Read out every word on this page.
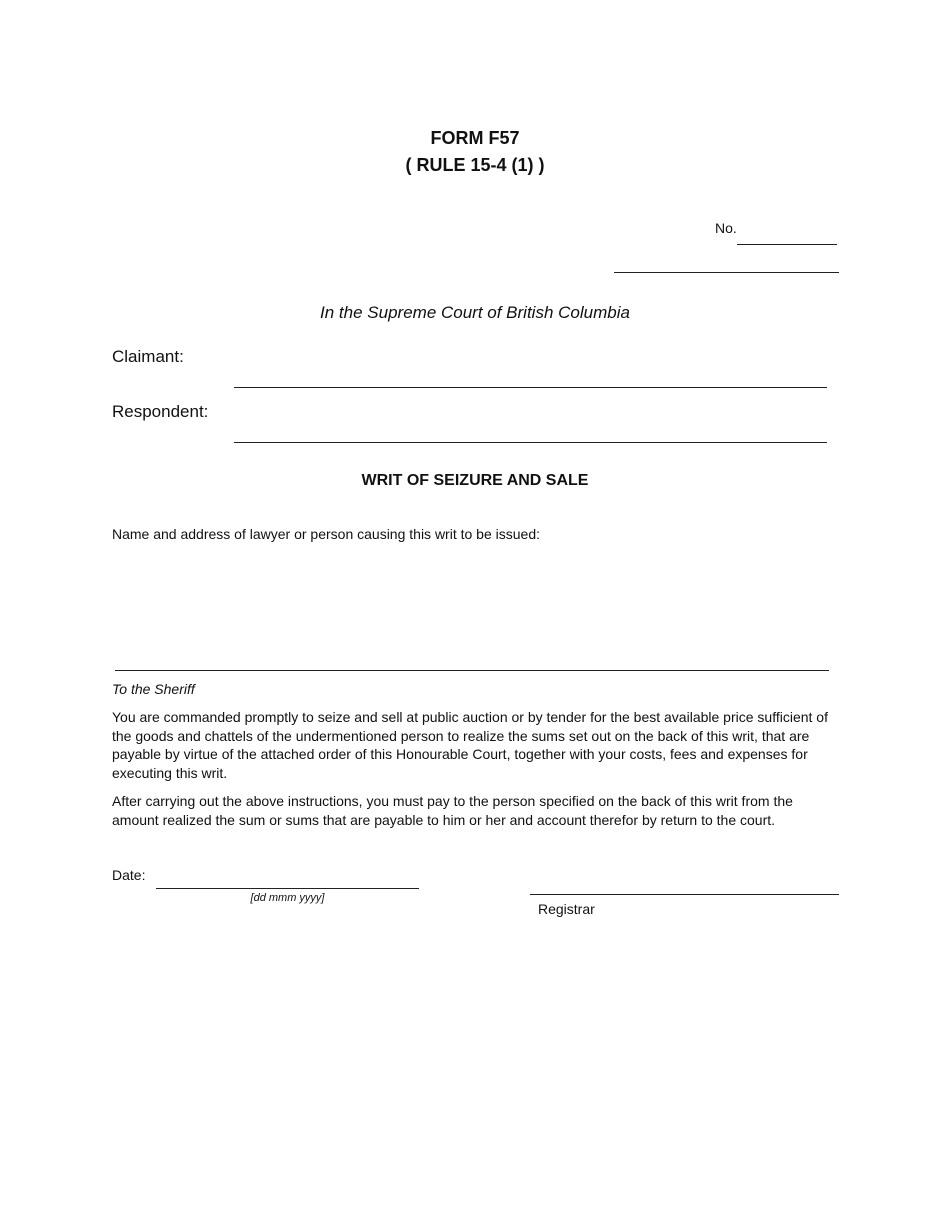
FORM F57
( RULE 15-4 (1) )
No.
In the Supreme Court of British Columbia
Claimant:
Respondent:
WRIT OF SEIZURE AND SALE
Name and address of lawyer or person causing this writ to be issued:
To the Sheriff
You are commanded promptly to seize and sell at public auction or by tender for the best available price sufficient of the goods and chattels of the undermentioned person to realize the sums set out on the back of this writ, that are payable by virtue of the attached order of this Honourable Court, together with your costs, fees and expenses for executing this writ.
After carrying out the above instructions, you must pay to the person specified on the back of this writ from the amount realized the sum or sums that are payable to him or her and account therefor by return to the court.
Date:
[dd mmm yyyy]
Registrar
